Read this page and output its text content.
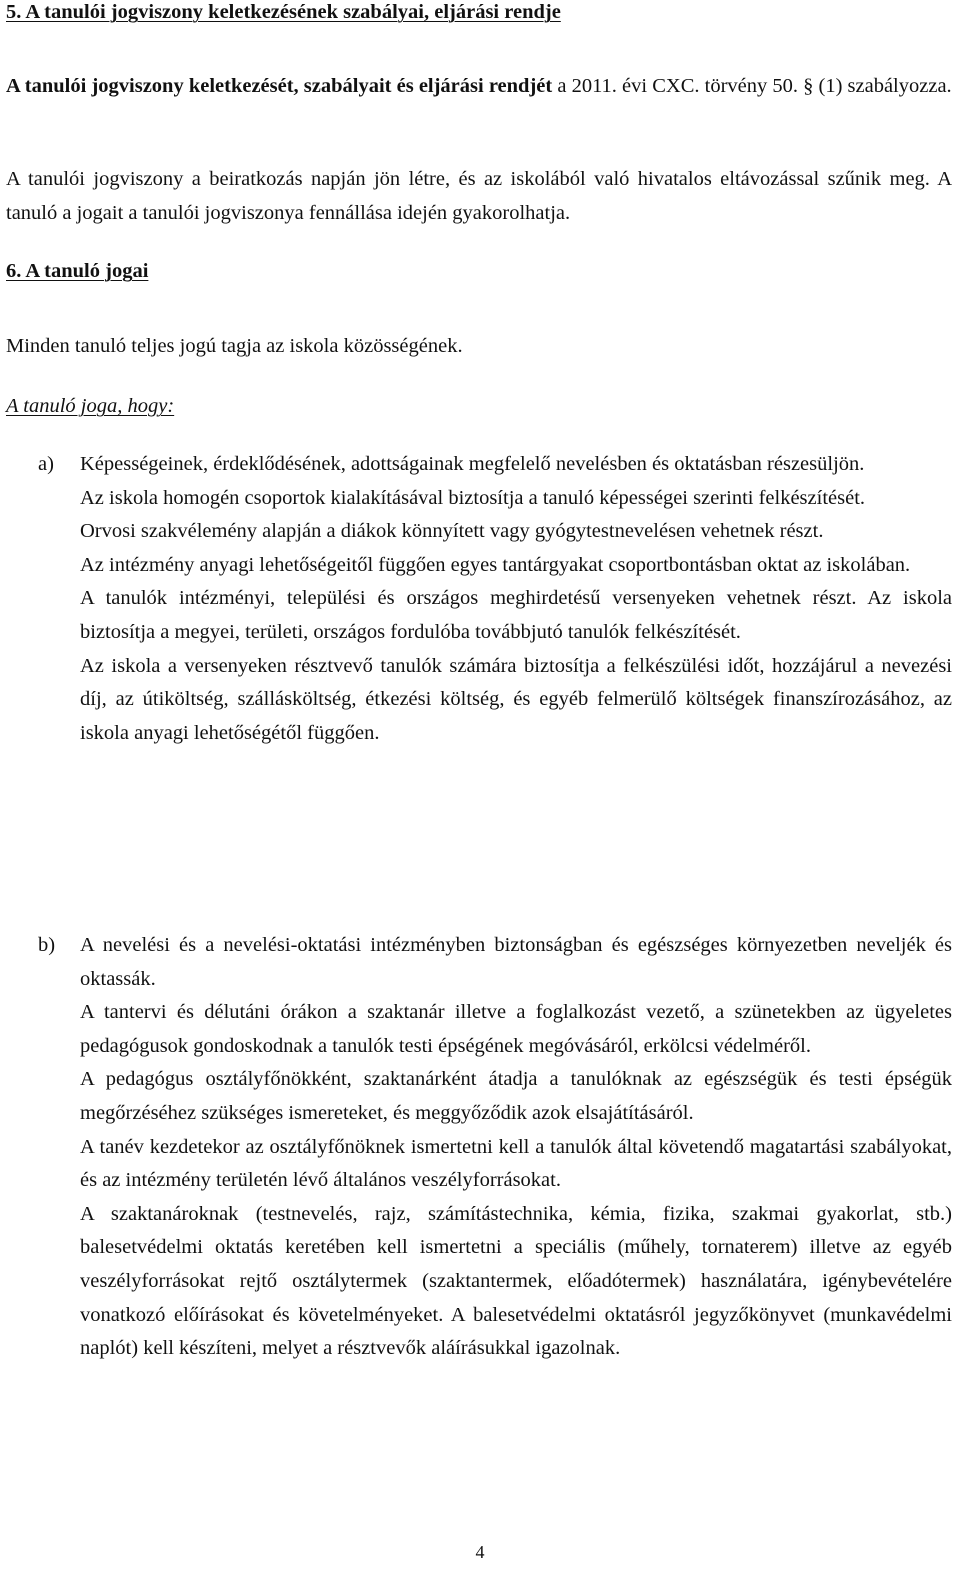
5. A tanulói jogviszony keletkezésének szabályai, eljárási rendje

A tanulói jogviszony keletkezését, szabályait és eljárási rendjét a 2011. évi CXC. törvény 50. § (1) szabályozza.

A tanulói jogviszony a beiratkozás napján jön létre, és az iskolából való hivatalos eltávozással szűnik meg. A tanuló a jogait a tanulói jogviszonya fennállása idején gyakorolhatja.

6. A tanuló jogai

Minden tanuló teljes jogú tagja az iskola közösségének.

A tanuló joga, hogy:
a)	Képességeinek, érdeklődésének, adottságainak megfelelő nevelésben és oktatásban részesüljön.
Az iskola homogén csoportok kialakításával biztosítja a tanuló képességei szerinti felkészítését.
Orvosi szakvélemény alapján a diákok könnyített vagy gyógytestnevelésen vehetnek részt.
Az intézmény anyagi lehetőségeitől függően egyes tantárgyakat csoportbontásban oktat az iskolában.
A tanulók intézményi, települési és országos meghirdetésű versenyeken vehetnek részt. Az iskola biztosítja a megyei, területi, országos fordulóba továbbjutó tanulók felkészítését.
Az iskola a versenyeken résztvevő tanulók számára biztosítja a felkészülési időt, hozzájárul a nevezési díj, az útiköltség, szállásköltség, étkezési költség, és egyéb felmerülő költségek finanszírozásához, az iskola anyagi lehetőségétől függően.
b)	A nevelési és a nevelési-oktatási intézményben biztonságban és egészséges környezetben neveljék és oktassák.
A tantervi és délutáni órákon a szaktanár illetve a foglalkozást vezető, a szünetekben az ügyeletes pedagógusok gondoskodnak a tanulók testi épségének megóvásáról, erkölcsi védelméről.
A pedagógus osztályfőnökként, szaktanárként átadja a tanulóknak az egészségük és testi épségük megőrzéséhez szükséges ismereteket, és meggyőződik azok elsajátításáról.
A tanév kezdetekor az osztályfőnöknek ismertetni kell a tanulók által követendő magatartási szabályokat, és az intézmény területén lévő általános veszélyforrásokat.
A szaktanároknak (testnevelés, rajz, számítástechnika, kémia, fizika, szakmai gyakorlat, stb.) balesetvédelmi oktatás keretében kell ismertetni a speciális (műhely, tornaterem) illetve az egyéb veszélyforrásokat rejtő osztálytermek (szaktantermek, előadótermek) használatára, igénybevételére vonatkozó előírásokat és követelményeket. A balesetvédelmi oktatásról jegyzőkönyvet (munkavédelmi naplót) kell készíteni, melyet a résztvevők aláírásukkal igazolnak.
4
